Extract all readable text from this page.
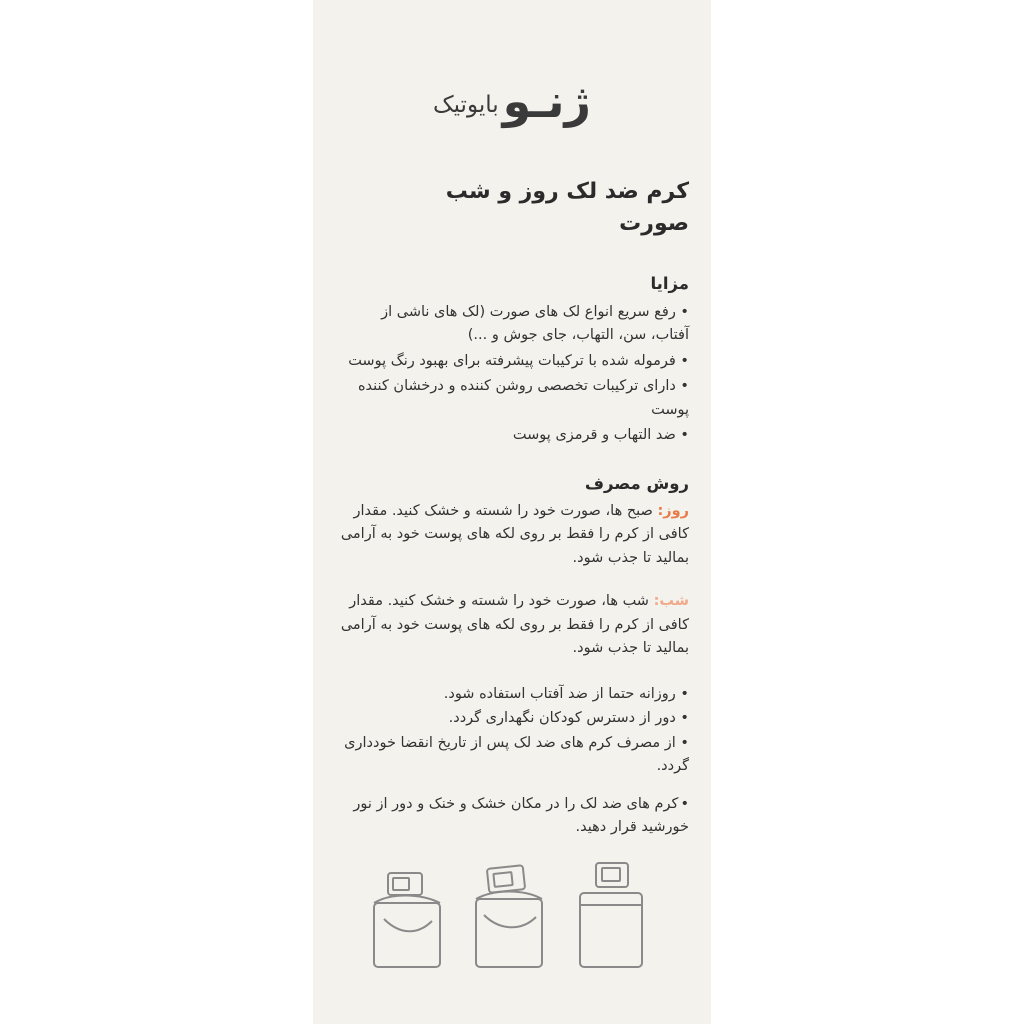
ژنـوبایوتیک
کرم ضد لک روز و شب
صورت
مزایا
• رفع سریع انواع لک های صورت (لک های ناشی از آفتاب، سن، التهاب، جای جوش و ...)
• فرموله شده با ترکیبات پیشرفته برای بهبود رنگ پوست
• دارای ترکیبات تخصصی روشن کننده و درخشان کننده پوست
• ضد التهاب و قرمزی پوست
روش مصرف
روز: صبح ها، صورت خود را شسته و خشک کنید. مقدار کافی از کرم را فقط بر روی لکه های پوست خود به آرامی بمالید تا جذب شود.
شب: شب ها، صورت خود را شسته و خشک کنید. مقدار کافی از کرم را فقط بر روی لکه های پوست خود به آرامی بمالید تا جذب شود.
• روزانه حتما از ضد آفتاب استفاده شود.
• دور از دسترس کودکان نگهداری گردد.
• از مصرف کرم های ضد لک پس از تاریخ انقضا خودداری گردد.
• کرم های ضد لک را در مکان خشک و خنک و دور از نور خورشید قرار دهید.
